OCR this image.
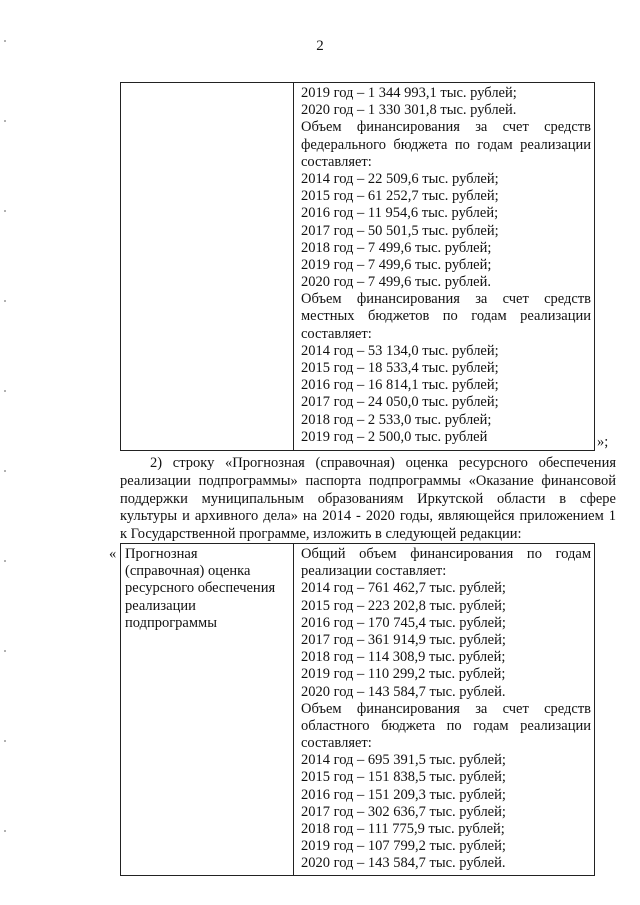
2
2019 год – 1 344 993,1 тыс. рублей;
2020 год – 1 330 301,8 тыс. рублей.
Объем финансирования за счет средств
федерального бюджета по годам реализации
составляет:
2014 год – 22 509,6 тыс. рублей;
2015 год – 61 252,7 тыс. рублей;
2016 год – 11 954,6 тыс. рублей;
2017 год – 50 501,5 тыс. рублей;
2018 год – 7 499,6 тыс. рублей;
2019 год – 7 499,6 тыс. рублей;
2020 год – 7 499,6 тыс. рублей.
Объем финансирования за счет средств
местных бюджетов по годам реализации
составляет:
2014 год – 53 134,0 тыс. рублей;
2015 год – 18 533,4 тыс. рублей;
2016 год – 16 814,1 тыс. рублей;
2017 год – 24 050,0 тыс. рублей;
2018 год – 2 533,0 тыс. рублей;
2019 год – 2 500,0 тыс. рублей	»;
2) строку «Прогнозная (справочная) оценка ресурсного обеспечения
реализации подпрограммы» паспорта подпрограммы «Оказание финансовой
поддержки муниципальным образованиям Иркутской области в сфере
культуры и архивного дела» на 2014 - 2020 годы, являющейся приложением 1
к Государственной программе, изложить в следующей редакции:
« Прогнозная
(справочная) оценка
ресурсного обеспечения
реализации
подпрограммы
Общий объем финансирования по годам
реализации составляет:
2014 год – 761 462,7 тыс. рублей;
2015 год – 223 202,8 тыс. рублей;
2016 год – 170 745,4 тыс. рублей;
2017 год – 361 914,9 тыс. рублей;
2018 год – 114 308,9 тыс. рублей;
2019 год – 110 299,2 тыс. рублей;
2020 год – 143 584,7 тыс. рублей.
Объем финансирования за счет средств
областного бюджета по годам реализации
составляет:
2014 год – 695 391,5 тыс. рублей;
2015 год – 151 838,5 тыс. рублей;
2016 год – 151 209,3 тыс. рублей;
2017 год – 302 636,7 тыс. рублей;
2018 год – 111 775,9 тыс. рублей;
2019 год – 107 799,2 тыс. рублей;
2020 год – 143 584,7 тыс. рублей.
